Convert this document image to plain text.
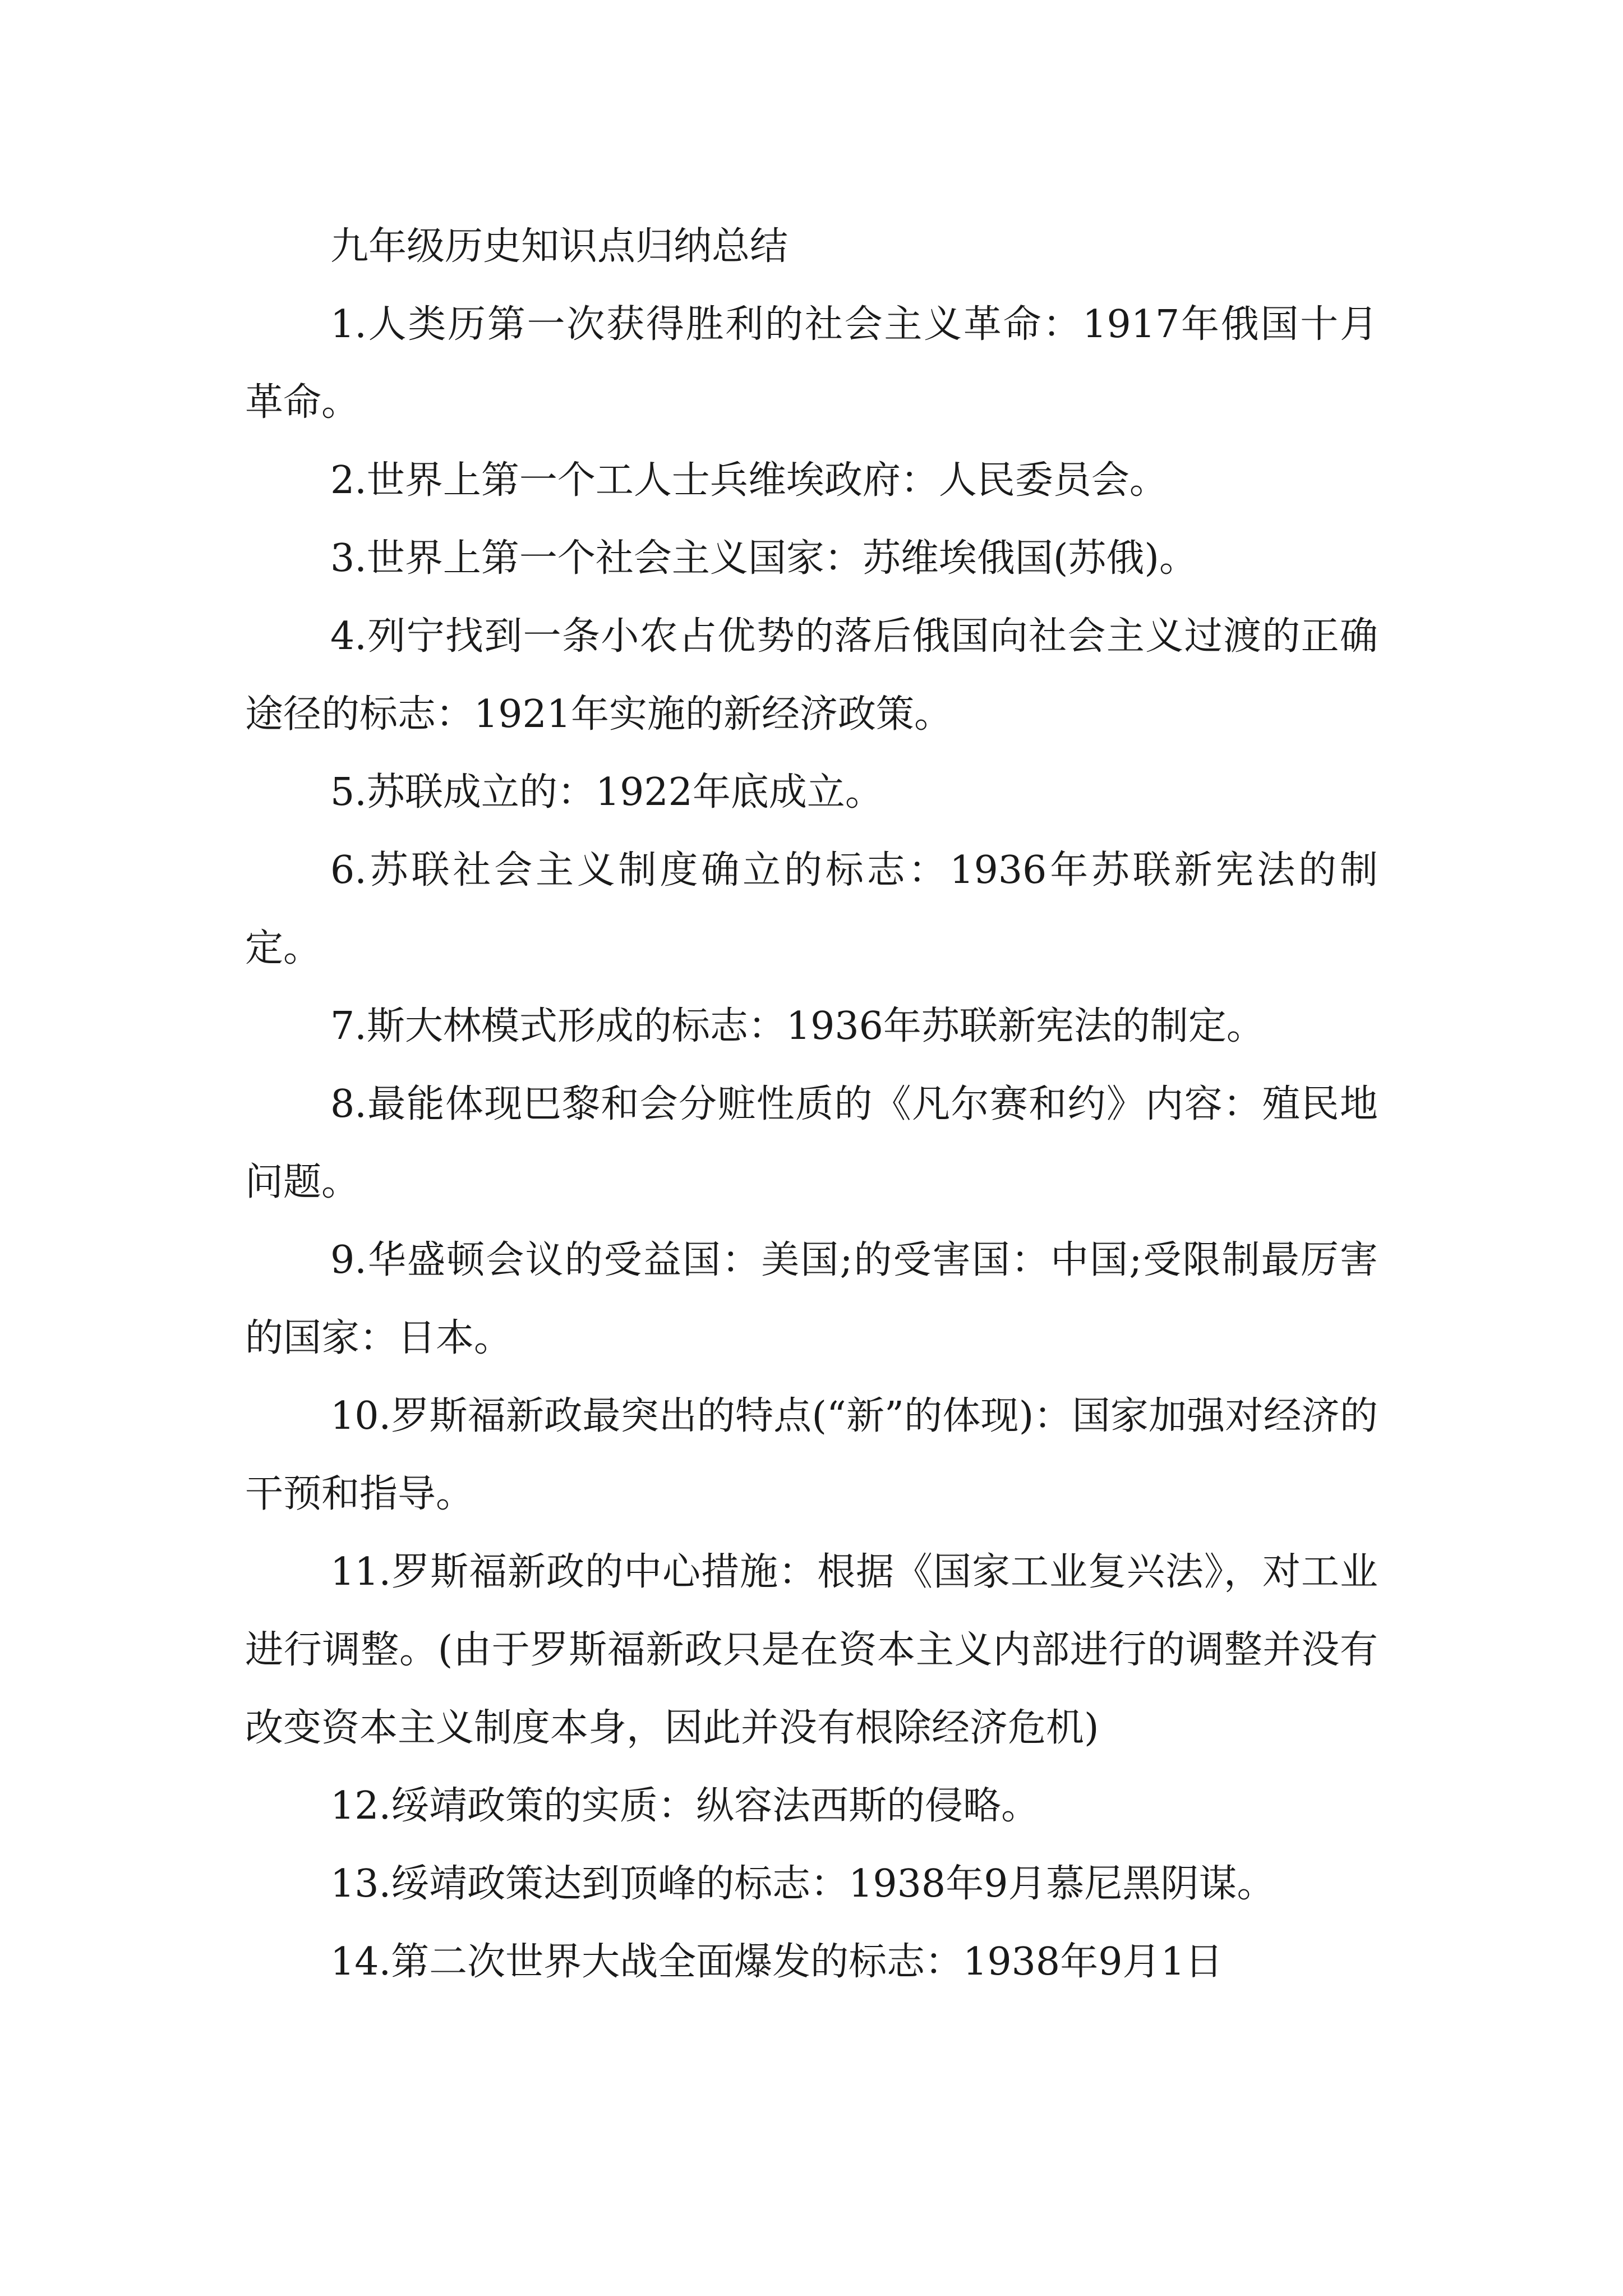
九年级历史知识点归纳总结

1.人类历第一次获得胜利的社会主义革命：1917年俄国十月革命。

2.世界上第一个工人士兵维埃政府：人民委员会。

3.世界上第一个社会主义国家：苏维埃俄国(苏俄)。

4.列宁找到一条小农占优势的落后俄国向社会主义过渡的正确途径的标志：1921年实施的新经济政策。

5.苏联成立的：1922年底成立。

6.苏联社会主义制度确立的标志：1936年苏联新宪法的制定。

7.斯大林模式形成的标志：1936年苏联新宪法的制定。

8.最能体现巴黎和会分赃性质的《凡尔赛和约》内容：殖民地问题。

9.华盛顿会议的受益国：美国;的受害国：中国;受限制最厉害的国家：日本。

10.罗斯福新政最突出的特点(“新”的体现)：国家加强对经济的干预和指导。

11.罗斯福新政的中心措施：根据《国家工业复兴法》，对工业进行调整。(由于罗斯福新政只是在资本主义内部进行的调整并没有改变资本主义制度本身，因此并没有根除经济危机)

12.绥靖政策的实质：纵容法西斯的侵略。

13.绥靖政策达到顶峰的标志：1938年9月慕尼黑阴谋。

14.第二次世界大战全面爆发的标志：1938年9月1日
